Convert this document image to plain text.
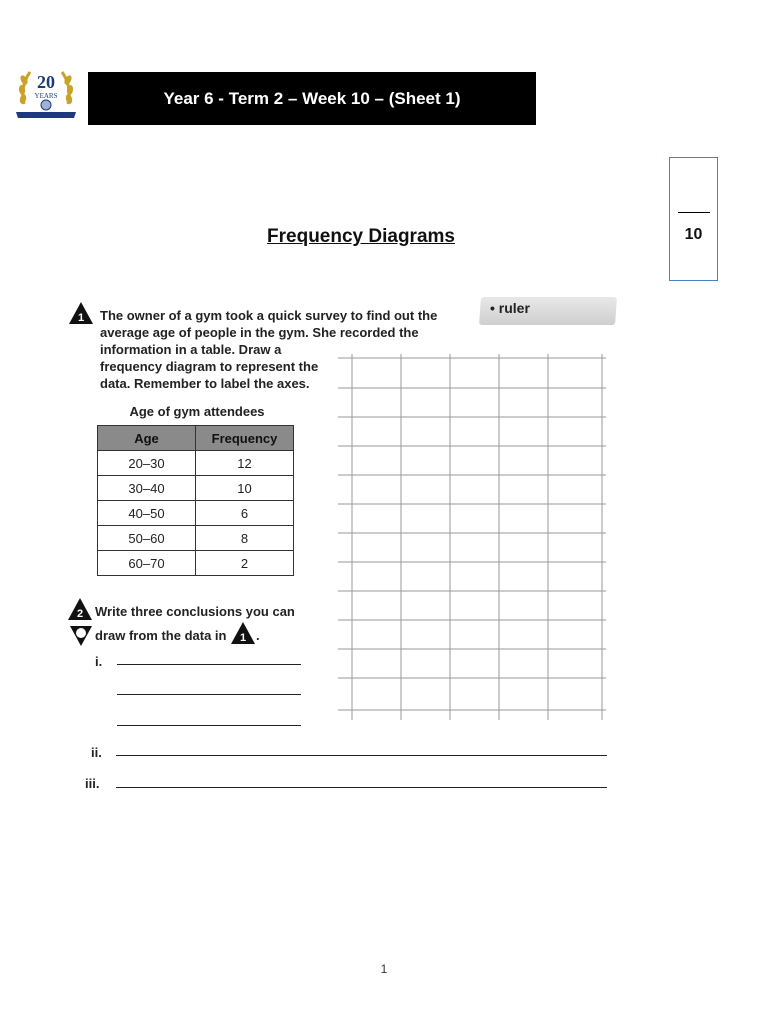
20
YEARS	Year 6 - Term 2 – Week 10 – (Sheet 1)
10
Frequency Diagrams
1 The owner of a gym took a quick survey to find out the
average age of people in the gym. She recorded the
information in a table. Draw a
frequency diagram to represent the
data. Remember to label the axes.
• ruler
Age of gym attendees
Age	Frequency
20–30	12
30–40	10
40–50	6
50–60	8
60–70	2
2 Write three conclusions you can
draw from the data in 1 .
i.
ii.
iii.
1
